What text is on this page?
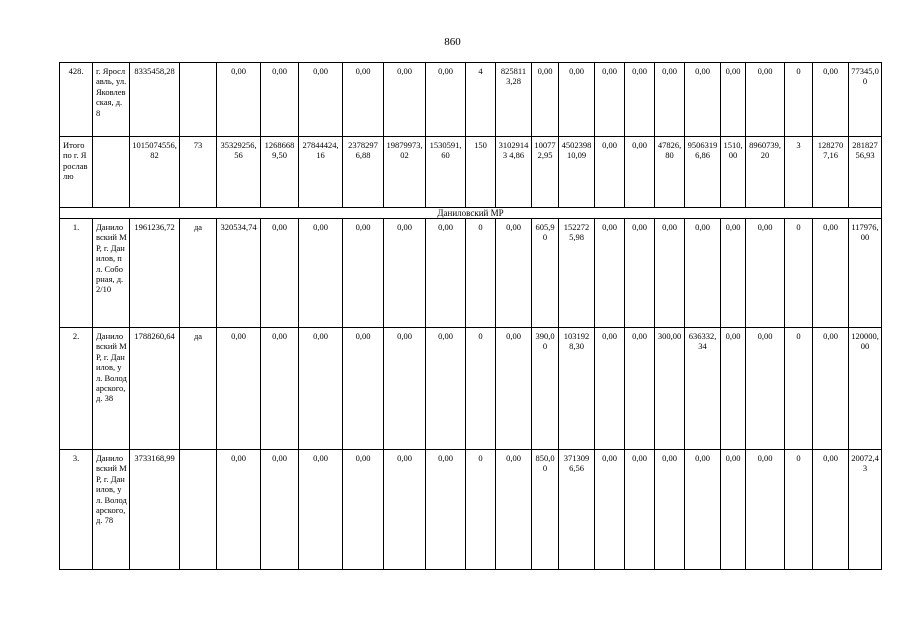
860
428.	г. Ярославль, ул. Яковлевская, д. 8	8335458,28		0,00	0,00	0,00	0,00	0,00	0,00	4	8258113,28	0,00	0,00	0,00	0,00	0,00	0,00	0,00	0,00	0	0,00	77345,00
Итого по г. Ярославлю		1015074556,82	73	35329256,56	12686689,50	27844424,16	23782976,88	19879973,02	1530591,60	150	31029143 4,86	100772,95	4502398 10,09	0,00	0,00	47826,80	95063196,86	1510,00	8960739,20	3	1282707,16	28182756,93
Даниловский МР																						
1.	Даниловский МР, г. Данилов, пл. Соборная, д. 2/10	1961236,72	да	320534,74	0,00	0,00	0,00	0,00	0,00	0	0,00	605,90	1522725,98	0,00	0,00	0,00	0,00	0,00	0,00	0	0,00	117976,00
2.	Даниловский МР, г. Данилов, ул. Володарского, д. 38	1788260,64	да	0,00	0,00	0,00	0,00	0,00	0,00	0	0,00	390,00	1031928,30	0,00	0,00	300,00	636332,34	0,00	0,00	0	0,00	120000,00
3.	Даниловский МР, г. Данилов, ул. Володарского, д. 78	3733168,99		0,00	0,00	0,00	0,00	0,00	0,00	0	0,00	850,00	3713096,56	0,00	0,00	0,00	0,00	0,00	0,00	0	0,00	20072,43
